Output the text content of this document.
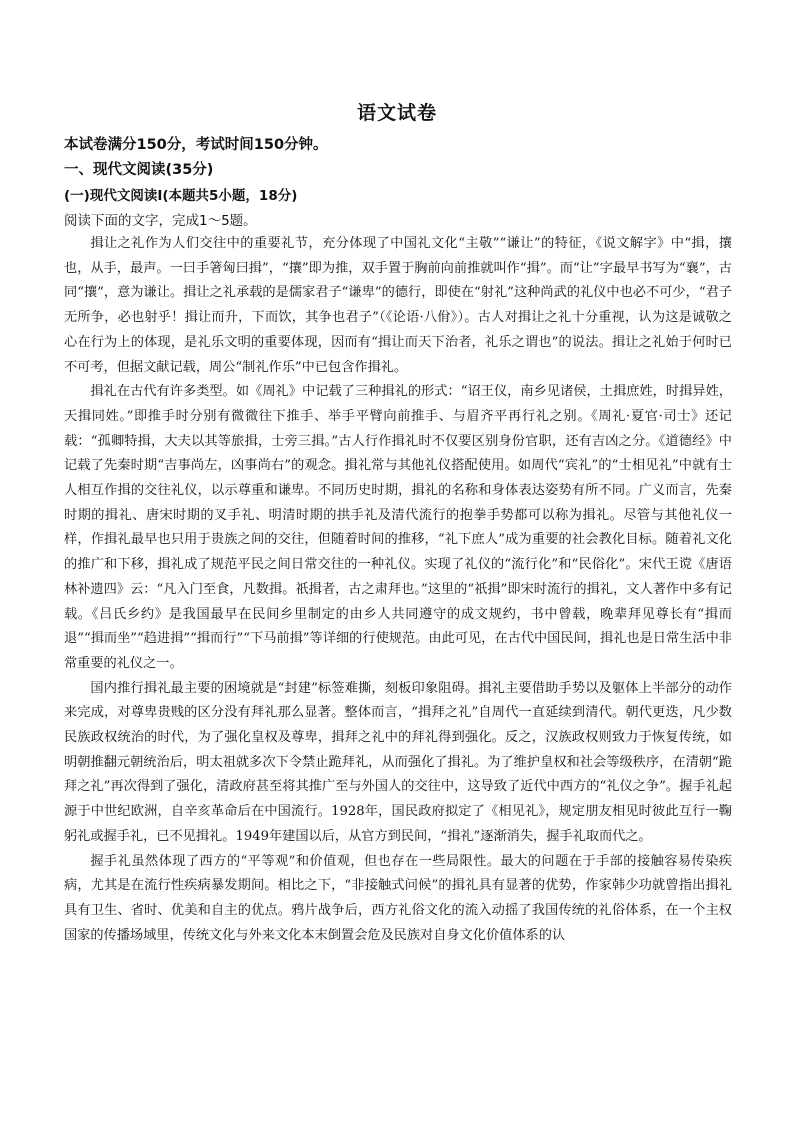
语文试卷
本试卷满分150分，考试时间150分钟。
一、现代文阅读(35分)
(一)现代文阅读Ⅰ(本题共5小题，18分)
阅读下面的文字，完成1～5题。

揖让之礼作为人们交往中的重要礼节，充分体现了中国礼文化“主敬”“谦让”的特征，《说文解字》中“揖，攘也，从手，最声。一曰手箸匈曰揖”，“攘”即为推，双手置于胸前向前推就叫作“揖”。而“让”字最早书写为“襄”，古同“攘”，意为谦让。揖让之礼承载的是儒家君子“谦卑”的德行，即使在“射礼”这种尚武的礼仪中也必不可少，“君子无所争，必也射乎！揖让而升，下而饮，其争也君子”（《论语·八佾》）。古人对揖让之礼十分重视，认为这是诚敬之心在行为上的体现，是礼乐文明的重要体现，因而有“揖让而天下治者，礼乐之谓也”的说法。揖让之礼始于何时已不可考，但据文献记载，周公“制礼作乐”中已包含作揖礼。

揖礼在古代有许多类型。如《周礼》中记载了三种揖礼的形式：“诏王仪，南乡见诸侯，土揖庶姓，时揖异姓，天揖同姓。”即推手时分别有微微往下推手、举手平臂向前推手、与眉齐平再行礼之别。《周礼·夏官·司士》还记载：“孤卿特揖，大夫以其等旅揖，士旁三揖。”古人行作揖礼时不仅要区别身份官职，还有吉凶之分。《道德经》中记载了先秦时期“吉事尚左，凶事尚右”的观念。揖礼常与其他礼仪搭配使用。如周代“宾礼”的“士相见礼”中就有士人相互作揖的交往礼仪，以示尊重和谦卑。不同历史时期，揖礼的名称和身体表达姿势有所不同。广义而言，先秦时期的揖礼、唐宋时期的叉手礼、明清时期的拱手礼及清代流行的抱拳手势都可以称为揖礼。尽管与其他礼仪一样，作揖礼最早也只用于贵族之间的交往，但随着时间的推移，“礼下庶人”成为重要的社会教化目标。随着礼文化的推广和下移，揖礼成了规范平民之间日常交往的一种礼仪。实现了礼仪的“流行化”和“民俗化”。宋代王谠《唐语林补遗四》云：“凡入门至食，凡数揖。祇揖者，古之肃拜也。”这里的“祇揖”即宋时流行的揖礼，文人著作中多有记载。《吕氏乡约》是我国最早在民间乡里制定的由乡人共同遵守的成文规约，书中曾载，晚辈拜见尊长有“揖而退”“揖而坐”“趋进揖”“揖而行”“下马前揖”等详细的行使规范。由此可见，在古代中国民间，揖礼也是日常生活中非常重要的礼仪之一。

国内推行揖礼最主要的困境就是“封建”标签难撕，刻板印象阻碍。揖礼主要借助手势以及躯体上半部分的动作来完成，对尊卑贵贱的区分没有拜礼那么显著。整体而言，“揖拜之礼”自周代一直延续到清代。朝代更迭，凡少数民族政权统治的时代，为了强化皇权及尊卑，揖拜之礼中的拜礼得到强化。反之，汉族政权则致力于恢复传统，如明朝推翻元朝统治后，明太祖就多次下令禁止跪拜礼，从而强化了揖礼。为了维护皇权和社会等级秩序，在清朝“跪拜之礼”再次得到了强化，清政府甚至将其推广至与外国人的交往中，这导致了近代中西方的“礼仪之争”。握手礼起源于中世纪欧洲，自辛亥革命后在中国流行。1928年，国民政府拟定了《相见礼》，规定朋友相见时彼此互行一鞠躬礼或握手礼，已不见揖礼。1949年建国以后，从官方到民间，“揖礼”逐渐消失，握手礼取而代之。

握手礼虽然体现了西方的“平等观”和价值观，但也存在一些局限性。最大的问题在于手部的接触容易传染疾病，尤其是在流行性疾病暴发期间。相比之下，“非接触式问候”的揖礼具有显著的优势，作家韩少功就曾指出揖礼具有卫生、省时、优美和自主的优点。鸦片战争后，西方礼俗文化的流入动摇了我国传统的礼俗体系，在一个主权国家的传播场域里，传统文化与外来文化本末倒置会危及民族对自身文化价值体系的认
